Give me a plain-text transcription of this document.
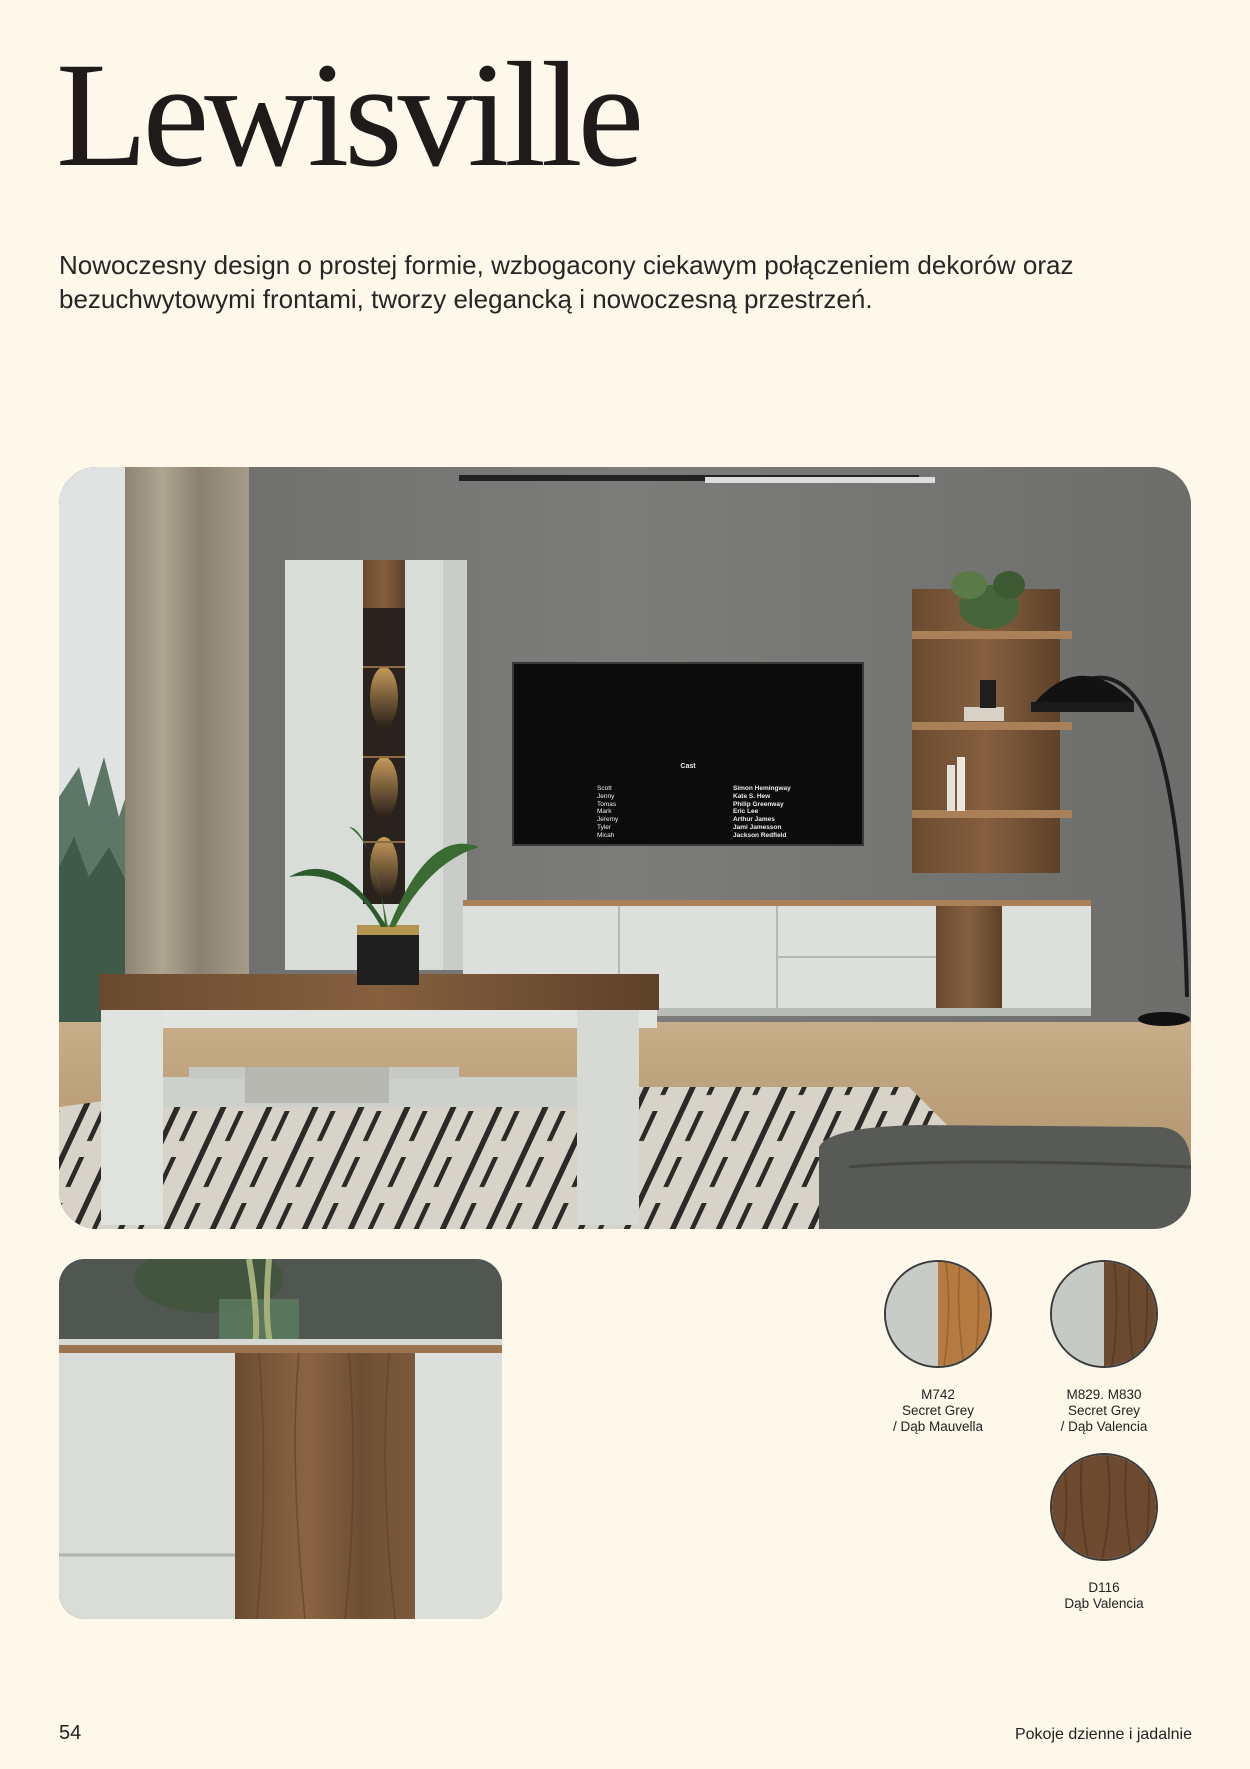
Lewisville

Nowoczesny design o prostej formie, wzbogacony ciekawym połączeniem dekorów oraz bezuchwytowymi frontami, tworzy elegancką i nowoczesną przestrzeń.

Cast
Scott
Jenny
Tomas
Mark
Jeremy
Tyler
Micah
Simon Hemingway
Kate S. Hew
Philip Greenway
Eric Lee
Arthur James
Jami Jamesson
Jackson Redfield
M742
Secret Grey
/ Dąb Mauvella
M829. M830
Secret Grey
/ Dąb Valencia
D116
Dąb Valencia
54	Pokoje dzienne i jadalnie
